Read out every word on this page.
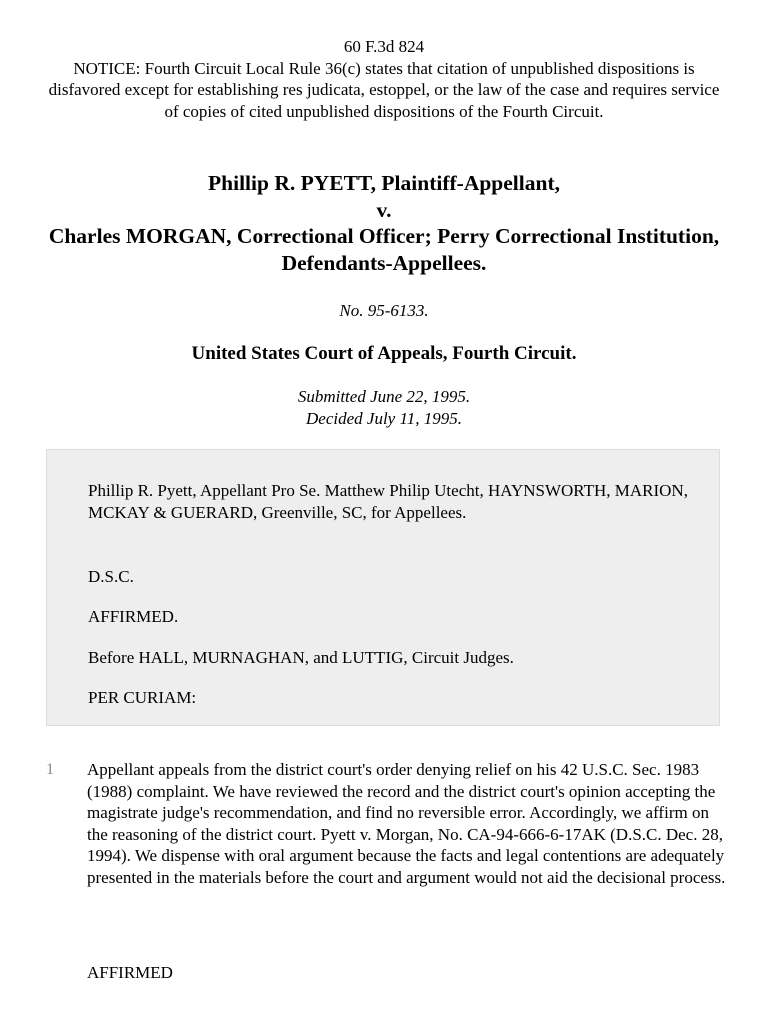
60 F.3d 824
NOTICE: Fourth Circuit Local Rule 36(c) states that citation of unpublished dispositions is disfavored except for establishing res judicata, estoppel, or the law of the case and requires service of copies of cited unpublished dispositions of the Fourth Circuit.
Phillip R. PYETT, Plaintiff-Appellant,
v.
Charles MORGAN, Correctional Officer; Perry Correctional Institution, Defendants-Appellees.
No. 95-6133.
United States Court of Appeals, Fourth Circuit.
Submitted June 22, 1995.
Decided July 11, 1995.

Phillip R. Pyett, Appellant Pro Se. Matthew Philip Utecht, HAYNSWORTH, MARION, MCKAY & GUERARD, Greenville, SC, for Appellees.

D.S.C.

AFFIRMED.

Before HALL, MURNAGHAN, and LUTTIG, Circuit Judges.

PER CURIAM:

1 Appellant appeals from the district court's order denying relief on his 42 U.S.C. Sec. 1983 (1988) complaint. We have reviewed the record and the district court's opinion accepting the magistrate judge's recommendation, and find no reversible error. Accordingly, we affirm on the reasoning of the district court. Pyett v. Morgan, No. CA-94-666-6-17AK (D.S.C. Dec. 28, 1994). We dispense with oral argument because the facts and legal contentions are adequately presented in the materials before the court and argument would not aid the decisional process.
AFFIRMED
